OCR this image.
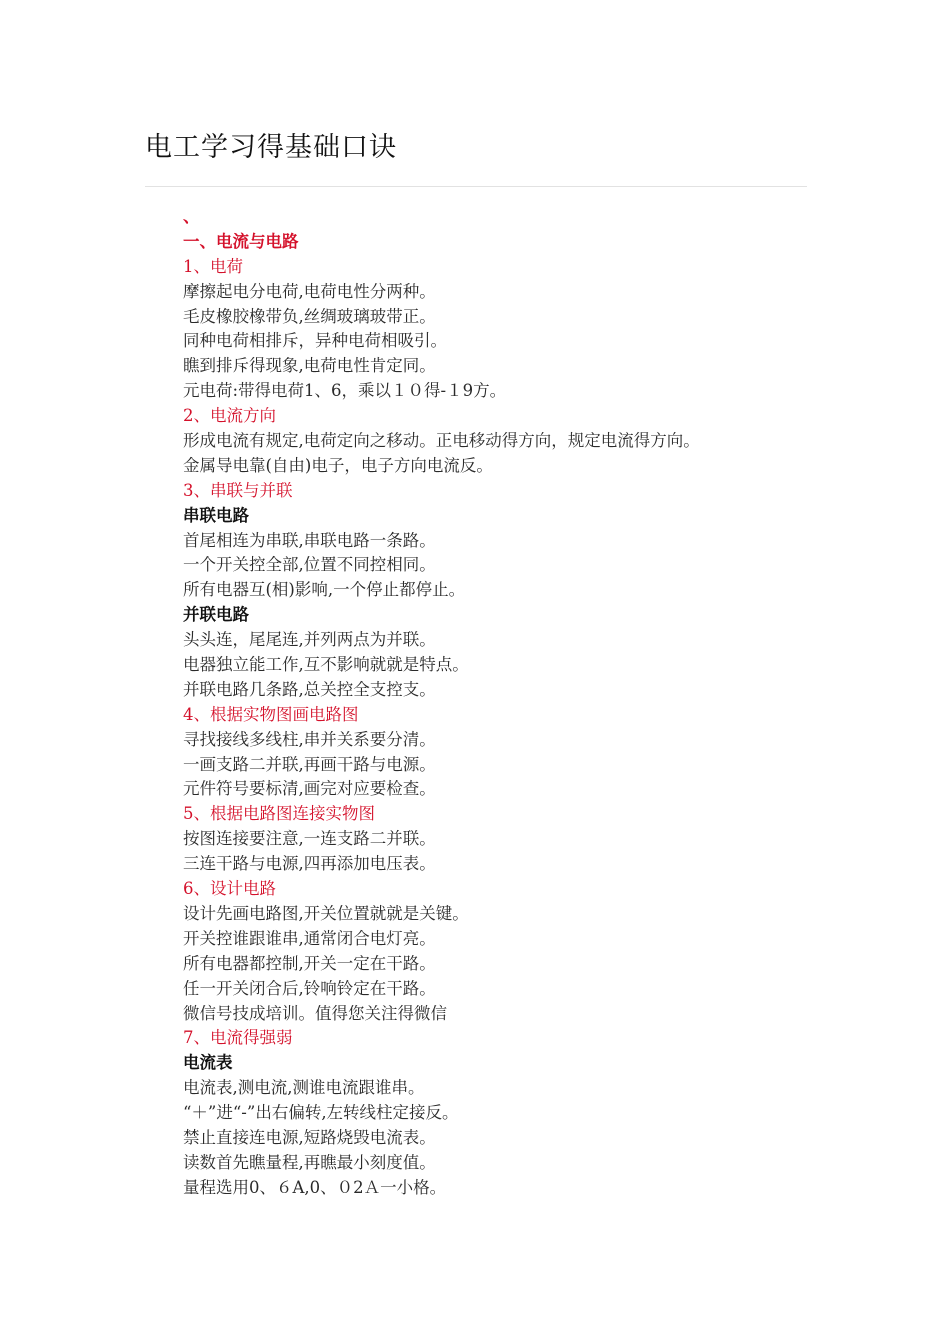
电工学习得基础口诀
、
一、电流与电路
1、电荷
摩擦起电分电荷,电荷电性分两种。
毛皮橡胶橡带负,丝绸玻璃玻带正。
同种电荷相排斥，异种电荷相吸引。
瞧到排斥得现象,电荷电性肯定同。
元电荷:带得电荷1、6，乘以１０得-１9方。
2、电流方向
形成电流有规定,电荷定向之移动。正电移动得方向，规定电流得方向。
金属导电靠(自由)电子，电子方向电流反。
3、串联与并联
串联电路
首尾相连为串联,串联电路一条路。
一个开关控全部,位置不同控相同。
所有电器互(相)影响,一个停止都停止。
并联电路
头头连，尾尾连,并列两点为并联。
电器独立能工作,互不影响就就是特点。
并联电路几条路,总关控全支控支。
4、根据实物图画电路图
寻找接线多线柱,串并关系要分清。
一画支路二并联,再画干路与电源。
元件符号要标清,画完对应要检查。
5、根据电路图连接实物图
按图连接要注意,一连支路二并联。
三连干路与电源,四再添加电压表。
6、设计电路
设计先画电路图,开关位置就就是关键。
开关控谁跟谁串,通常闭合电灯亮。
所有电器都控制,开关一定在干路。
任一开关闭合后,铃响铃定在干路。
微信号技成培训。值得您关注得微信
7、电流得强弱
电流表
电流表,测电流,测谁电流跟谁串。
“＋”进“-”出右偏转,左转线柱定接反。
禁止直接连电源,短路烧毁电流表。
读数首先瞧量程,再瞧最小刻度值。
量程选用0、６A,0、０2Ａ一小格。
